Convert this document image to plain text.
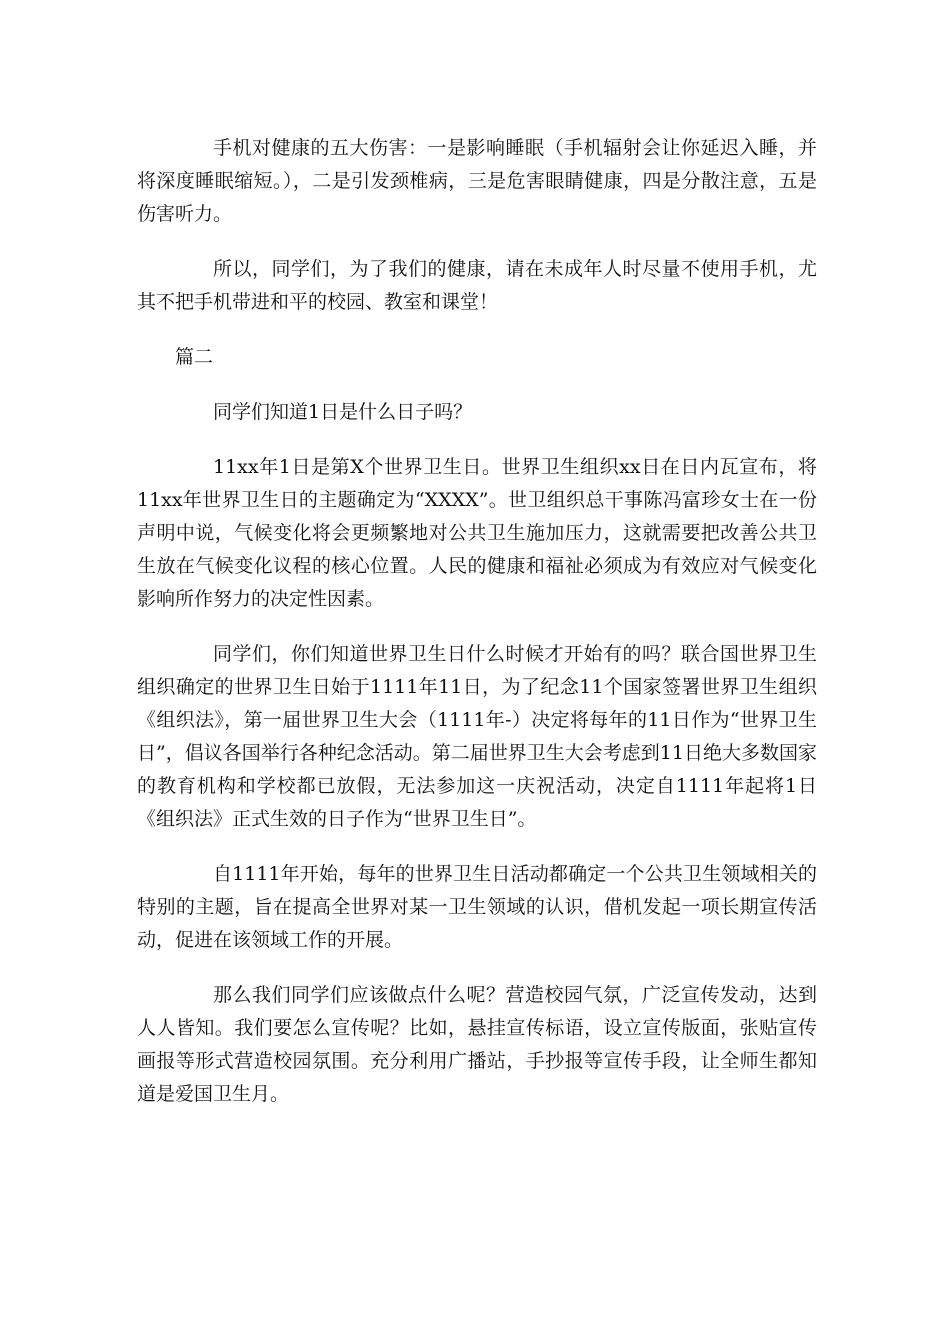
手机对健康的五大伤害：一是影响睡眠（手机辐射会让你延迟入睡，并将深度睡眠缩短。），二是引发颈椎病，三是危害眼睛健康，四是分散注意，五是伤害听力。

所以，同学们，为了我们的健康，请在未成年人时尽量不使用手机，尤其不把手机带进和平的校园、教室和课堂！

篇二

同学们知道1日是什么日子吗？

11xx年1日是第X个世界卫生日。世界卫生组织xx日在日内瓦宣布，将11xx年世界卫生日的主题确定为“XXXX”。世卫组织总干事陈冯富珍女士在一份声明中说，气候变化将会更频繁地对公共卫生施加压力，这就需要把改善公共卫生放在气候变化议程的核心位置。人民的健康和福祉必须成为有效应对气候变化影响所作努力的决定性因素。

同学们，你们知道世界卫生日什么时候才开始有的吗？联合国世界卫生组织确定的世界卫生日始于1111年11日，为了纪念11个国家签署世界卫生组织《组织法》，第一届世界卫生大会（1111年-）决定将每年的11日作为“世界卫生日”，倡议各国举行各种纪念活动。第二届世界卫生大会考虑到11日绝大多数国家的教育机构和学校都已放假，无法参加这一庆祝活动，决定自1111年起将1日《组织法》正式生效的日子作为“世界卫生日”。

自1111年开始，每年的世界卫生日活动都确定一个公共卫生领域相关的特别的主题，旨在提高全世界对某一卫生领域的认识，借机发起一项长期宣传活动，促进在该领域工作的开展。

那么我们同学们应该做点什么呢？营造校园气氛，广泛宣传发动，达到人人皆知。我们要怎么宣传呢？比如，悬挂宣传标语，设立宣传版面，张贴宣传画报等形式营造校园氛围。充分利用广播站，手抄报等宣传手段，让全师生都知道是爱国卫生月。
